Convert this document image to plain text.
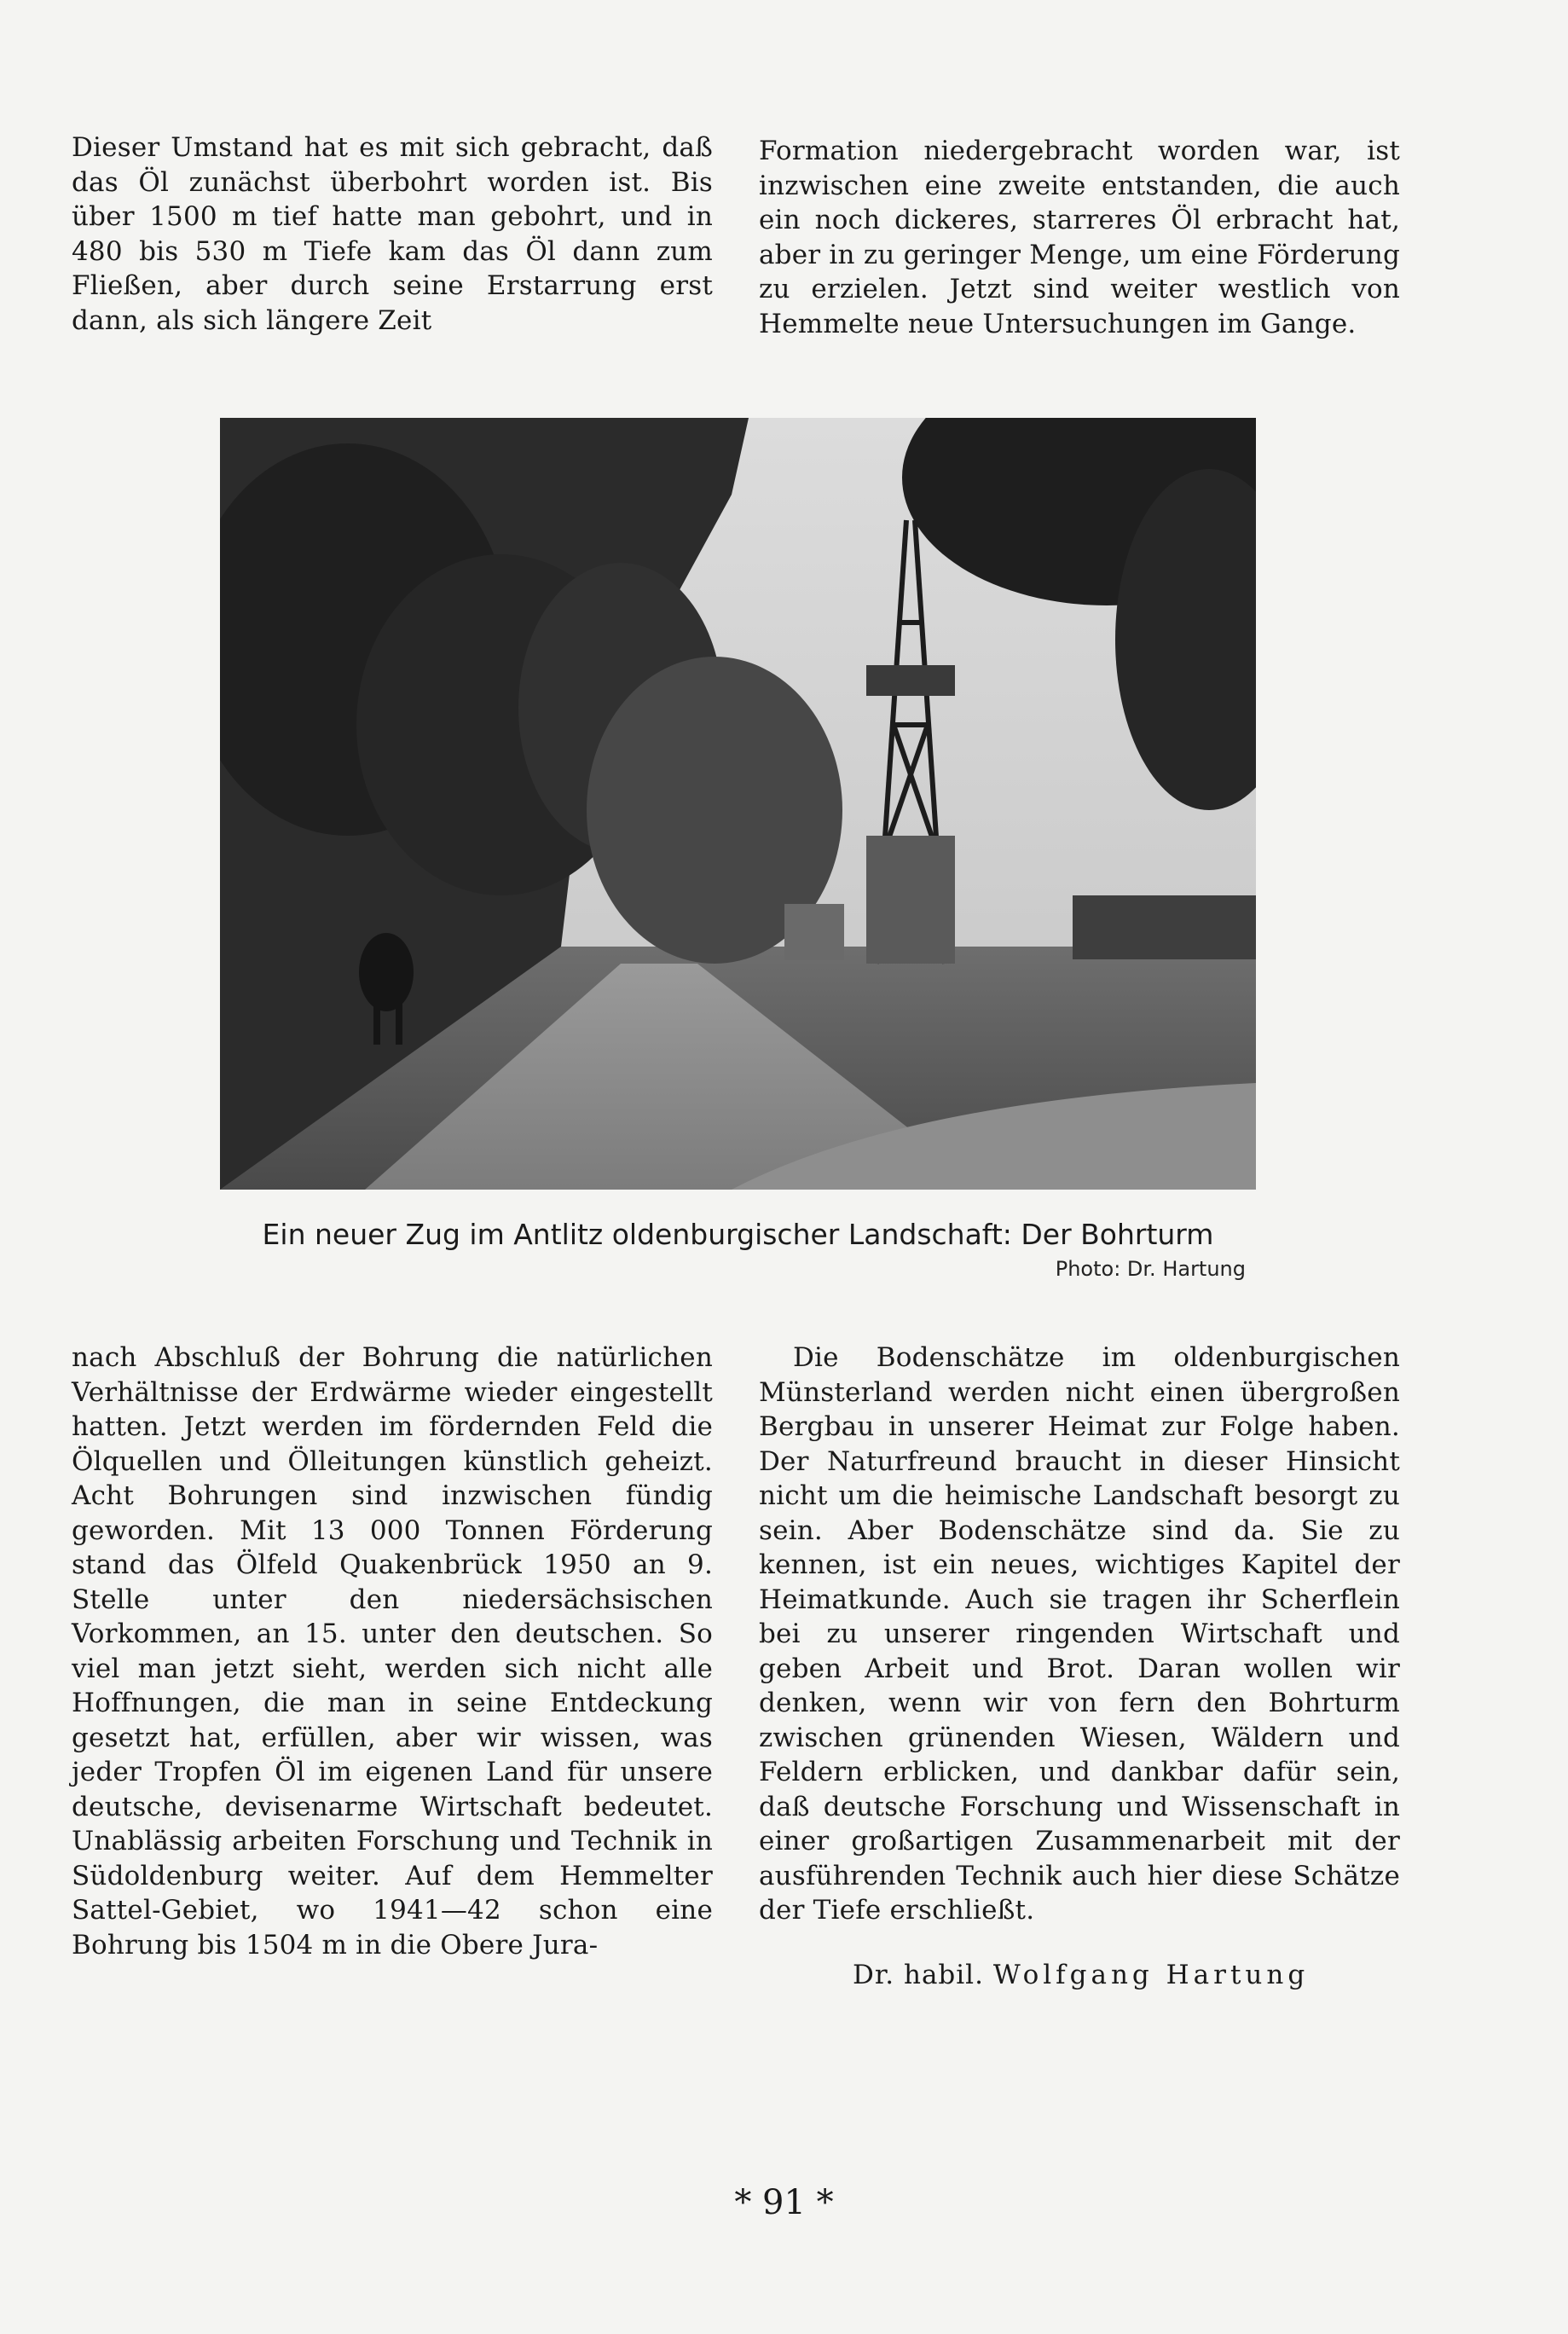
Dieser Umstand hat es mit sich gebracht, daß das Öl zunächst überbohrt worden ist. Bis über 1500 m tief hatte man gebohrt, und in 480 bis 530 m Tiefe kam das Öl dann zum Fließen, aber durch seine Erstarrung erst dann, als sich längere Zeit

Formation niedergebracht worden war, ist inzwischen eine zweite entstanden, die auch ein noch dickeres, starreres Öl erbracht hat, aber in zu geringer Menge, um eine Förderung zu erzielen. Jetzt sind weiter westlich von Hemmelte neue Untersuchungen im Gange.

Ein neuer Zug im Antlitz oldenburgischer Landschaft: Der Bohrturm
Photo: Dr. Hartung

nach Abschluß der Bohrung die natürlichen Verhältnisse der Erdwärme wieder eingestellt hatten. Jetzt werden im fördernden Feld die Ölquellen und Ölleitungen künstlich geheizt. Acht Bohrungen sind inzwischen fündig geworden. Mit 13 000 Tonnen Förderung stand das Ölfeld Quakenbrück 1950 an 9. Stelle unter den niedersächsischen Vorkommen, an 15. unter den deutschen. So viel man jetzt sieht, werden sich nicht alle Hoffnungen, die man in seine Entdeckung gesetzt hat, erfüllen, aber wir wissen, was jeder Tropfen Öl im eigenen Land für unsere deutsche, devisenarme Wirtschaft bedeutet. Unablässig arbeiten Forschung und Technik in Südoldenburg weiter. Auf dem Hemmelter Sattel-Gebiet, wo 1941—42 schon eine Bohrung bis 1504 m in die Obere Jura-

Die Bodenschätze im oldenburgischen Münsterland werden nicht einen übergroßen Bergbau in unserer Heimat zur Folge haben. Der Naturfreund braucht in dieser Hinsicht nicht um die heimische Landschaft besorgt zu sein. Aber Bodenschätze sind da. Sie zu kennen, ist ein neues, wichtiges Kapitel der Heimatkunde. Auch sie tragen ihr Scherflein bei zu unserer ringenden Wirtschaft und geben Arbeit und Brot. Daran wollen wir denken, wenn wir von fern den Bohrturm zwischen grünenden Wiesen, Wäldern und Feldern erblicken, und dankbar dafür sein, daß deutsche Forschung und Wissenschaft in einer großartigen Zusammenarbeit mit der ausführenden Technik auch hier diese Schätze der Tiefe erschließt.

Dr. habil. Wolfgang Hartung
* 91 *
